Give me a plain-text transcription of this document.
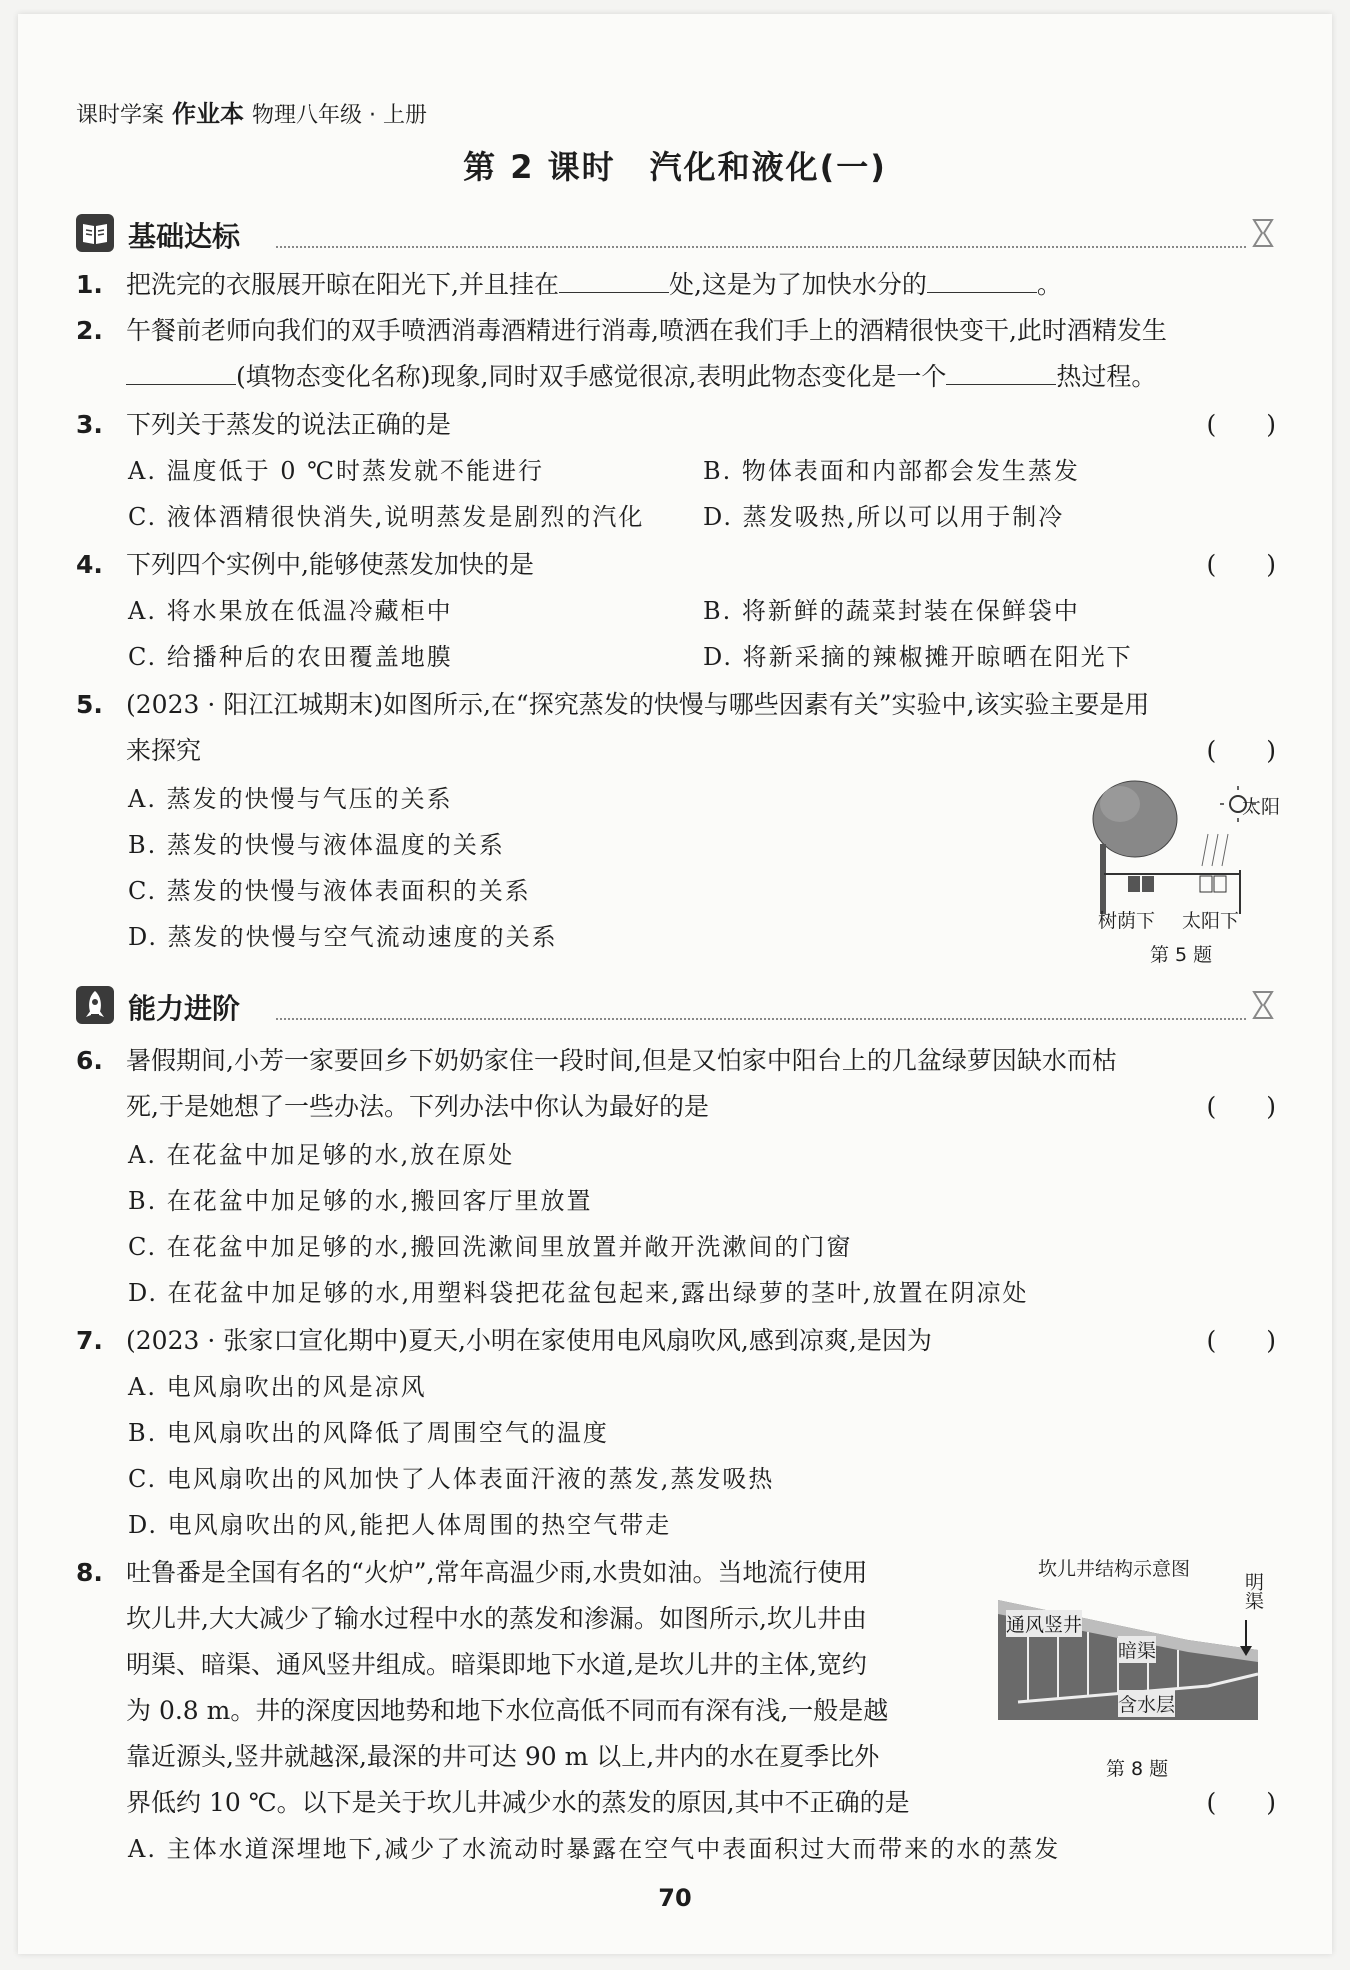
课时学案 作业本 物理八年级 · 上册
第 2 课时　汽化和液化(一)
基础达标
1. 把洗完的衣服展开晾在阳光下,并且挂在	处,这是为了加快水分的	。
2. 午餐前老师向我们的双手喷洒消毒酒精进行消毒,喷洒在我们手上的酒精很快变干,此时酒精发生
(填物态变化名称)现象,同时双手感觉很凉,表明此物态变化是一个	热过程。
3. 下列关于蒸发的说法正确的是	(　　)
A. 温度低于 0 ℃时蒸发就不能进行	B. 物体表面和内部都会发生蒸发
C. 液体酒精很快消失,说明蒸发是剧烈的汽化 D. 蒸发吸热,所以可以用于制冷
4. 下列四个实例中,能够使蒸发加快的是	(　　)
A. 将水果放在低温冷藏柜中	B. 将新鲜的蔬菜封装在保鲜袋中
C. 给播种后的农田覆盖地膜	D. 将新采摘的辣椒摊开晾晒在阳光下
5. (2023 · 阳江江城期末)如图所示,在“探究蒸发的快慢与哪些因素有关”实验中,该实验主要是用
来探究	(　　)
A. 蒸发的快慢与气压的关系
B. 蒸发的快慢与液体温度的关系
C. 蒸发的快慢与液体表面积的关系
D. 蒸发的快慢与空气流动速度的关系
太阳
树荫下 太阳下
第 5 题
能力进阶
6. 暑假期间,小芳一家要回乡下奶奶家住一段时间,但是又怕家中阳台上的几盆绿萝因缺水而枯
死,于是她想了一些办法。下列办法中你认为最好的是	(　　)
A. 在花盆中加足够的水,放在原处
B. 在花盆中加足够的水,搬回客厅里放置
C. 在花盆中加足够的水,搬回洗漱间里放置并敞开洗漱间的门窗
D. 在花盆中加足够的水,用塑料袋把花盆包起来,露出绿萝的茎叶,放置在阴凉处
7. (2023 · 张家口宣化期中)夏天,小明在家使用电风扇吹风,感到凉爽,是因为	(　　)
A. 电风扇吹出的风是凉风
B. 电风扇吹出的风降低了周围空气的温度
C. 电风扇吹出的风加快了人体表面汗液的蒸发,蒸发吸热
D. 电风扇吹出的风,能把人体周围的热空气带走
8. 吐鲁番是全国有名的“火炉”,常年高温少雨,水贵如油。当地流行使用
坎儿井,大大减少了输水过程中水的蒸发和渗漏。如图所示,坎儿井由
明渠、暗渠、通风竖井组成。暗渠即地下水道,是坎儿井的主体,宽约
为 0.8 m。井的深度因地势和地下水位高低不同而有深有浅,一般是越
靠近源头,竖井就越深,最深的井可达 90 m 以上,井内的水在夏季比外
界低约 10 ℃。以下是关于坎儿井减少水的蒸发的原因,其中不正确的是	(　　)
A. 主体水道深埋地下,减少了水流动时暴露在空气中表面积过大而带来的水的蒸发
坎儿井结构示意图
通风竖井
暗渠
明渠
含水层
第 8 题
70
